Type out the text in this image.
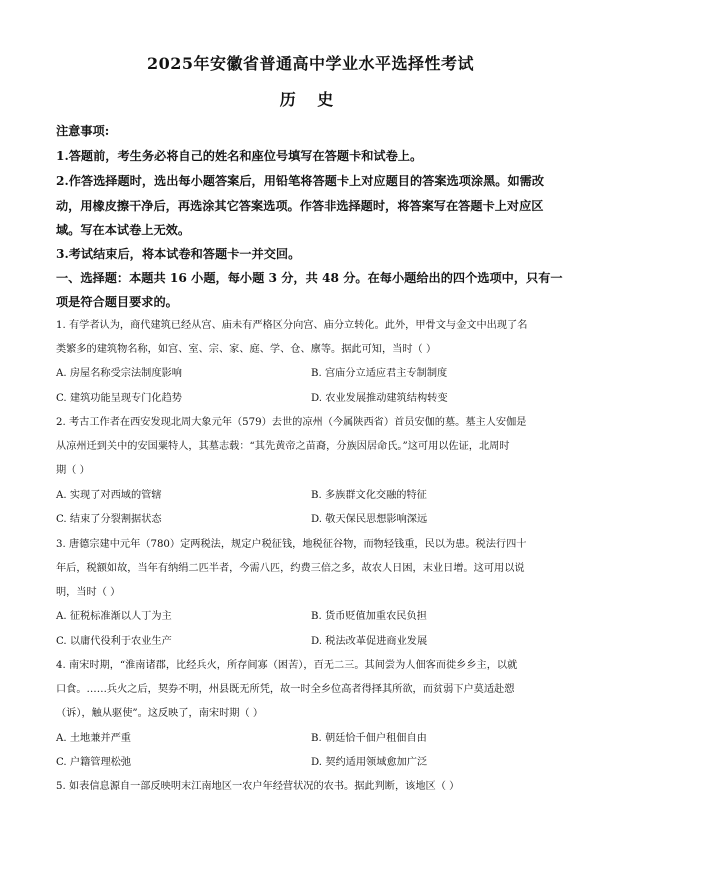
2025年安徽省普通高中学业水平选择性考试
历 史
注意事项:
1.答题前，考生务必将自己的姓名和座位号填写在答题卡和试卷上。
2.作答选择题时，选出每小题答案后，用铅笔将答题卡上对应题目的答案选项涂黑。如需改
动，用橡皮擦干净后，再选涂其它答案选项。作答非选择题时，将答案写在答题卡上对应区
域。写在本试卷上无效。
3.考试结束后，将本试卷和答题卡一并交回。
一、选择题：本题共 16 小题，每小题 3 分，共 48 分。在每小题给出的四个选项中，只有一
项是符合题目要求的。
1. 有学者认为，商代建筑已经从宫、庙未有严格区分向宫、庙分立转化。此外，甲骨文与金文中出现了名
类繁多的建筑物名称，如宫、室、宗、家、庭、学、仓、廪等。据此可知，当时（ ）
A. 房屋名称受宗法制度影响	B. 宫庙分立适应君主专制制度
C. 建筑功能呈现专门化趋势	D. 农业发展推动建筑结构转变
2. 考古工作者在西安发现北周大象元年（579）去世的凉州（今属陕西省）首员安伽的墓。墓主人安伽是
从凉州迁到关中的安国粟特人，其墓志载：“其先黄帝之苗裔，分族因居命氏。”这可用以佐证，北周时
期（ ）
A. 实现了对西域的管辖	B. 多族群文化交融的特征
C. 结束了分裂割据状态	D. 敬天保民思想影响深远
3. 唐德宗建中元年（780）定两税法，规定户税征钱，地税征谷物，而物轻钱重，民以为患。税法行四十
年后，税额如故，当年有纳绢二匹半者，今需八匹，约费三倍之多，故农人日困，末业日增。这可用以说
明，当时（ ）
A. 征税标准渐以人丁为主	B. 货币贬值加重农民负担
C. 以庸代役利于农业生产	D. 税法改革促进商业发展
4. 南宋时期，“淮南诸郡，比经兵火，所存间寡（困苦），百无二三。其间尝为人佃客而徙乡乡主，以就
口食。……兵火之后，契券不明，州县既无所凭，故一时全乡位高者得择其所欲，而贫弱下户莫适赴愬
（诉），触从驱使”。这反映了，南宋时期（ ）
A. 土地兼并严重	B. 朝廷恰千佃户租佃自由
C. 户籍管理松弛	D. 契约适用领域愈加广泛
5. 如表信息源自一部反映明末江南地区一农户年经营状况的农书。据此判断，该地区（ ）
